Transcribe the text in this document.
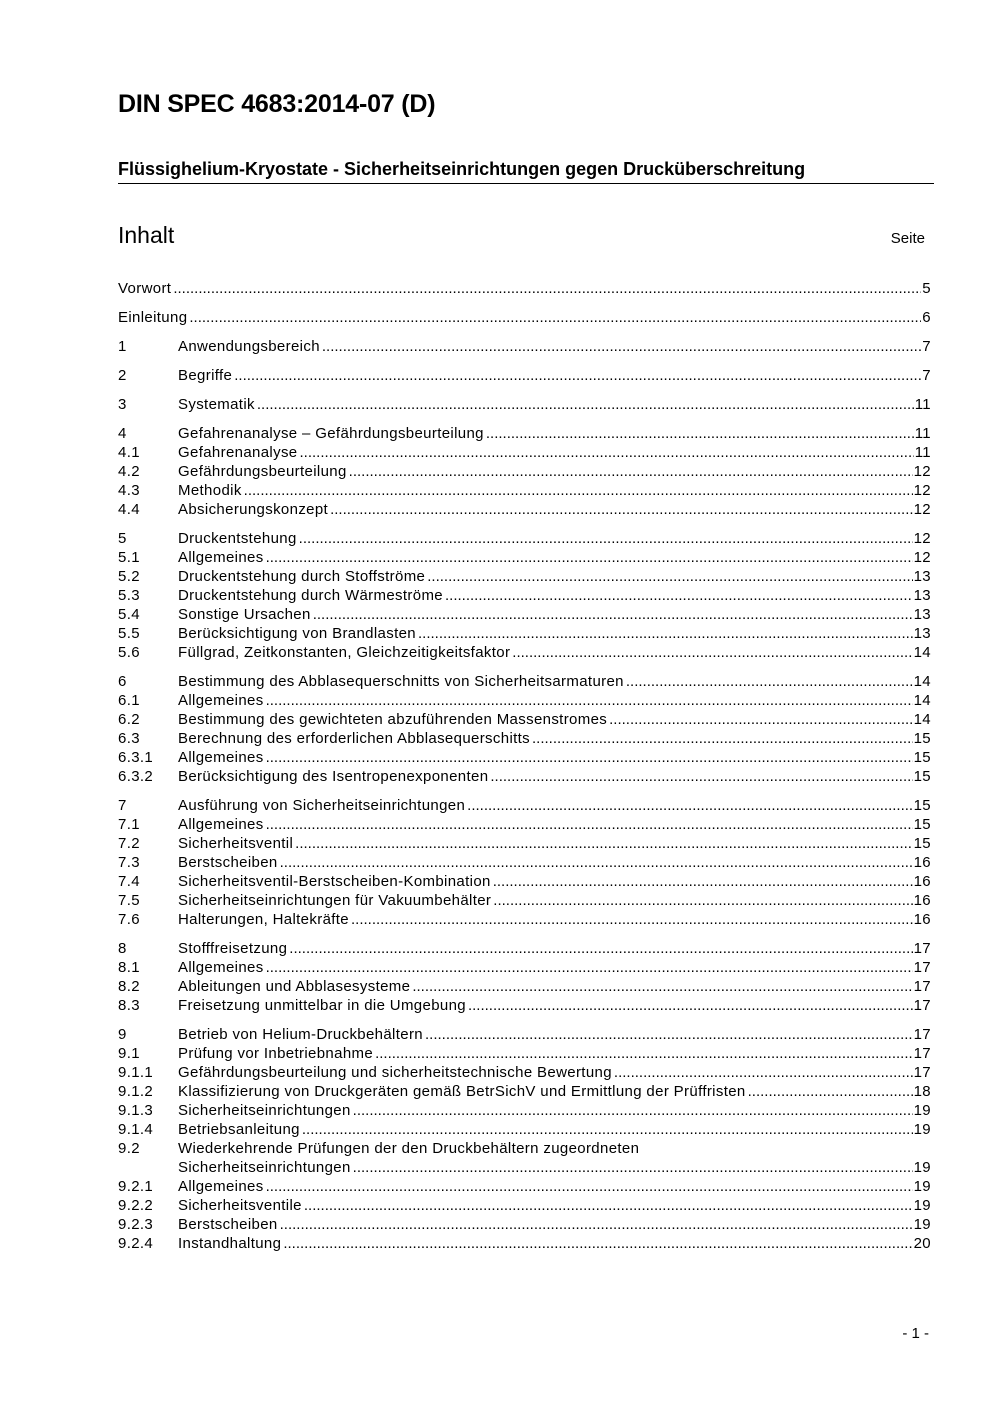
DIN SPEC 4683:2014-07 (D)
Flüssighelium-Kryostate - Sicherheitseinrichtungen gegen Drucküberschreitung
Inhalt	Seite
Vorwort .....	5
Einleitung .....	6
1	Anwendungsbereich .....	7
2	Begriffe .....	7
3	Systematik .....	11
4	Gefahrenanalyse – Gefährdungsbeurteilung .....	11
4.1	Gefahrenanalyse .....	11
4.2	Gefährdungsbeurteilung .....	12
4.3	Methodik .....	12
4.4	Absicherungskonzept .....	12
5	Druckentstehung .....	12
5.1	Allgemeines .....	12
5.2	Druckentstehung durch Stoffströme .....	13
5.3	Druckentstehung durch Wärmeströme .....	13
5.4	Sonstige Ursachen .....	13
5.5	Berücksichtigung von Brandlasten .....	13
5.6	Füllgrad, Zeitkonstanten, Gleichzeitigkeitsfaktor .....	14
6	Bestimmung des Abblasequerschnitts von Sicherheitsarmaturen .....	14
6.1	Allgemeines .....	14
6.2	Bestimmung des gewichteten abzuführenden Massenstromes .....	14
6.3	Berechnung des erforderlichen Abblasequerschitts .....	15
6.3.1	Allgemeines .....	15
6.3.2	Berücksichtigung des Isentropenexponenten .....	15
7	Ausführung von Sicherheitseinrichtungen .....	15
7.1	Allgemeines .....	15
7.2	Sicherheitsventil .....	15
7.3	Berstscheiben .....	16
7.4	Sicherheitsventil-Berstscheiben-Kombination .....	16
7.5	Sicherheitseinrichtungen für Vakuumbehälter .....	16
7.6	Halterungen, Haltekräfte .....	16
8	Stofffreisetzung .....	17
8.1	Allgemeines .....	17
8.2	Ableitungen und Abblasesysteme .....	17
8.3	Freisetzung unmittelbar in die Umgebung .....	17
9	Betrieb von Helium-Druckbehältern .....	17
9.1	Prüfung vor Inbetriebnahme .....	17
9.1.1	Gefährdungsbeurteilung und sicherheitstechnische Bewertung .....	17
9.1.2	Klassifizierung von Druckgeräten gemäß BetrSichV und Ermittlung der Prüffristen .....	18
9.1.3	Sicherheitseinrichtungen .....	19
9.1.4	Betriebsanleitung .....	19
9.2	Wiederkehrende Prüfungen der den Druckbehältern zugeordneten
Sicherheitseinrichtungen .....	19
9.2.1	Allgemeines .....	19
9.2.2	Sicherheitsventile .....	19
9.2.3	Berstscheiben .....	19
9.2.4	Instandhaltung .....	20
- 1 -
